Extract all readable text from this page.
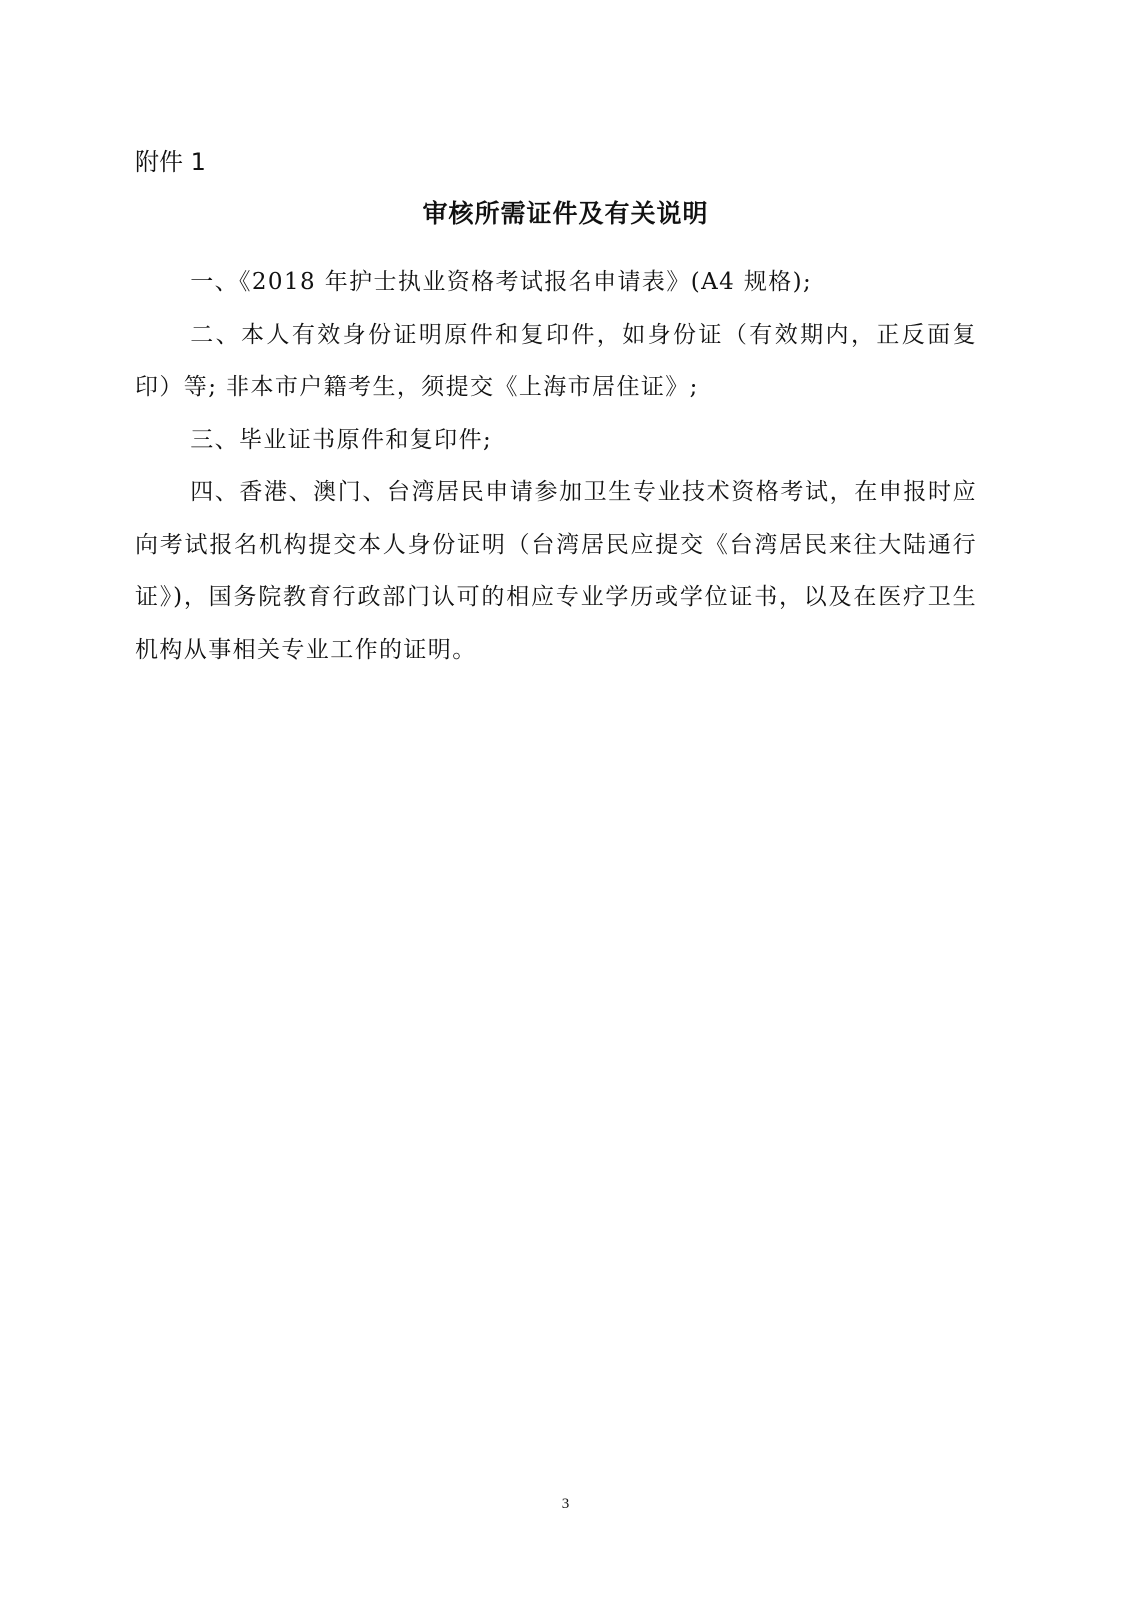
附件 1
审核所需证件及有关说明

一、《2018 年护士执业资格考试报名申请表》(A4 规格);

二、本人有效身份证明原件和复印件，如身份证（有效期内，正反面复印）等; 非本市户籍考生，须提交《上海市居住证》;

三、毕业证书原件和复印件;

四、香港、澳门、台湾居民申请参加卫生专业技术资格考试，在申报时应向考试报名机构提交本人身份证明（台湾居民应提交《台湾居民来往大陆通行证》)，国务院教育行政部门认可的相应专业学历或学位证书，以及在医疗卫生机构从事相关专业工作的证明。

3
